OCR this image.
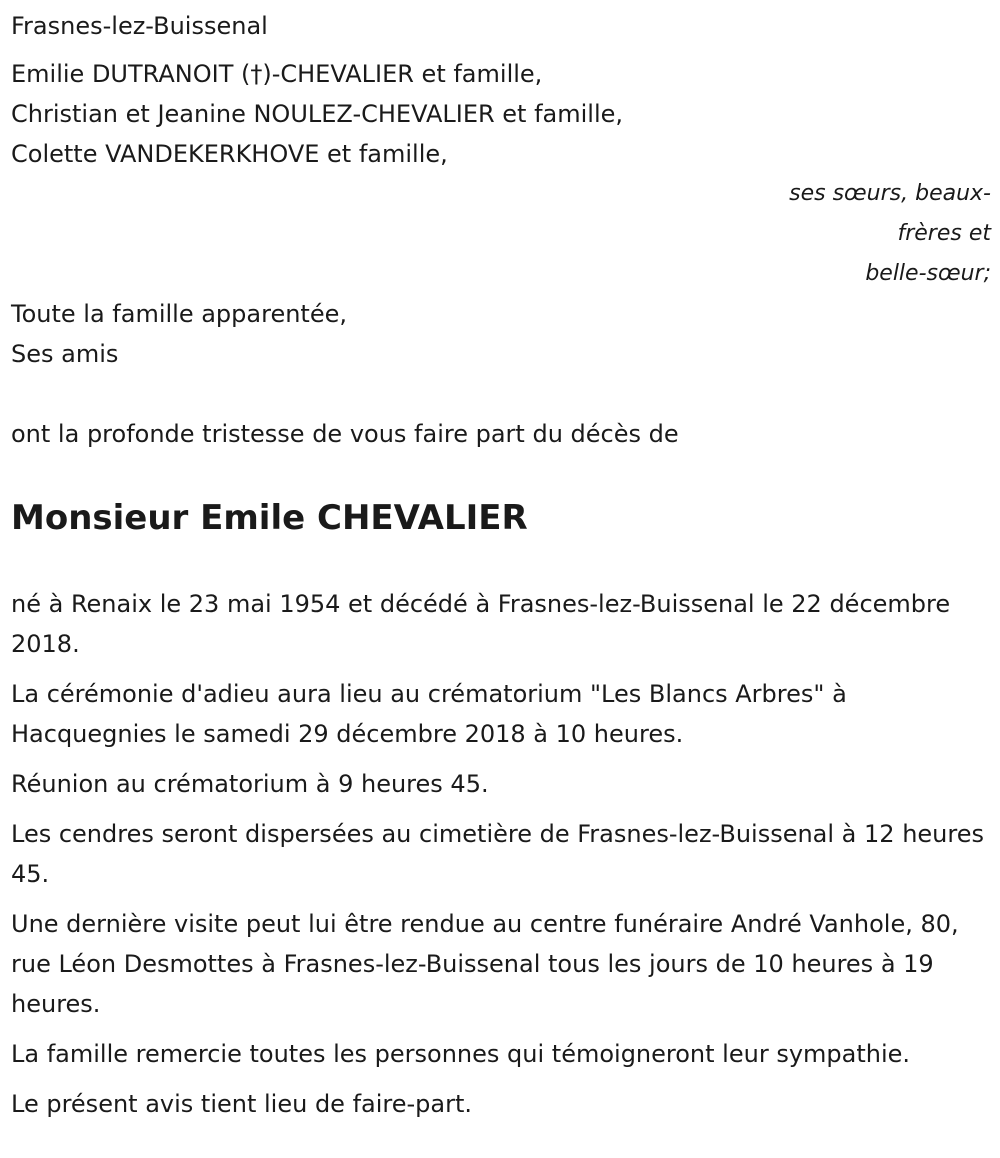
Frasnes-lez-Buissenal

Emilie DUTRANOIT (†)-CHEVALIER et famille,

Christian et Jeanine NOULEZ-CHEVALIER et famille,

Colette VANDEKERKHOVE et famille,

ses sœurs, beaux-

frères et

belle-sœur;

Toute la famille apparentée,

Ses amis

ont la profonde tristesse de vous faire part du décès de

Monsieur Emile CHEVALIER

né à Renaix le 23 mai 1954 et décédé à Frasnes-lez-Buissenal le 22 décembre 2018.

La cérémonie d'adieu aura lieu au crématorium "Les Blancs Arbres" à Hacquegnies le samedi 29 décembre 2018 à 10 heures.

Réunion au crématorium à 9 heures 45.

Les cendres seront dispersées au cimetière de Frasnes-lez-Buissenal à 12 heures 45.

Une dernière visite peut lui être rendue au centre funéraire André Vanhole, 80, rue Léon Desmottes à Frasnes-lez-Buissenal tous les jours de 10 heures à 19 heures.

La famille remercie toutes les personnes qui témoigneront leur sympathie.

Le présent avis tient lieu de faire-part.
